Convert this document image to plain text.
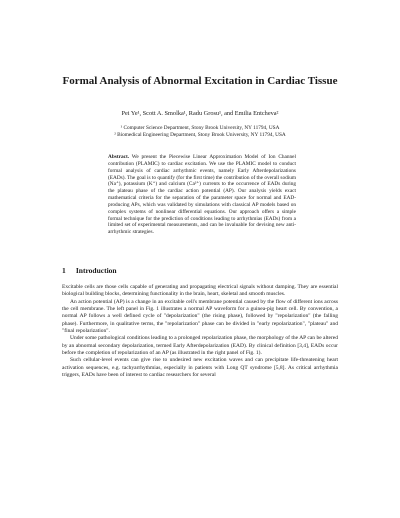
Formal Analysis of Abnormal Excitation in Cardiac Tissue
Pei Ye¹, Scott A. Smolka¹, Radu Grosu¹, and Emilia Entcheva²
¹ Computer Science Department, Stony Brook University, NY 11794, USA
² Biomedical Engineering Department, Stony Brook University, NY 11794, USA
Abstract. We present the Piecewise Linear Approximation Model of Ion Channel contribution (PLAMIC) to cardiac excitation. We use the PLAMIC model to conduct formal analysis of cardiac arrhythmic events, namely Early Afterdepolarizations (EADs). The goal is to quantify (for the first time) the contribution of the overall sodium (Na⁺), potassium (K⁺) and calcium (Ca²⁺) currents to the occurrence of EADs during the plateau phase of the cardiac action potential (AP). Our analysis yields exact mathematical criteria for the separation of the parameter space for normal and EAD-producing APs, which was validated by simulations with classical AP models based on complex systems of nonlinear differential equations. Our approach offers a simple formal technique for the prediction of conditions leading to arrhythmias (EADs) from a limited set of experimental measurements, and can be invaluable for devising new anti-arrhythmic strategies.
1 Introduction

Excitable cells are those cells capable of generating and propagating electrical signals without damping. They are essential biological building blocks, determining functionality in the brain, heart, skeletal and smooth muscles.

An action potential (AP) is a change in an excitable cell's membrane potential caused by the flow of different ions across the cell membrane. The left panel in Fig. 1 illustrates a normal AP waveform for a guinea-pig heart cell. By convention, a normal AP follows a well defined cycle of "depolarization" (the rising phase), followed by "repolarization" (the falling phase). Furthermore, in qualitative terms, the "repolarization" phase can be divided in "early repolarization", "plateau" and "final repolarization".

Under some pathological conditions leading to a prolonged repolarization phase, the morphology of the AP can be altered by an abnormal secondary depolarization, termed Early Afterdepolarization (EAD). By clinical definition [3,4], EADs occur before the completion of repolarization of an AP (as illustrated in the right panel of Fig. 1).

Such cellular-level events can give rise to undesired new excitation waves and can precipitate life-threatening heart activation sequences, e.g. tachyarrhythmias, especially in patients with Long QT syndrome [5,8]. As critical arrhythmia triggers, EADs have been of interest to cardiac researchers for several
